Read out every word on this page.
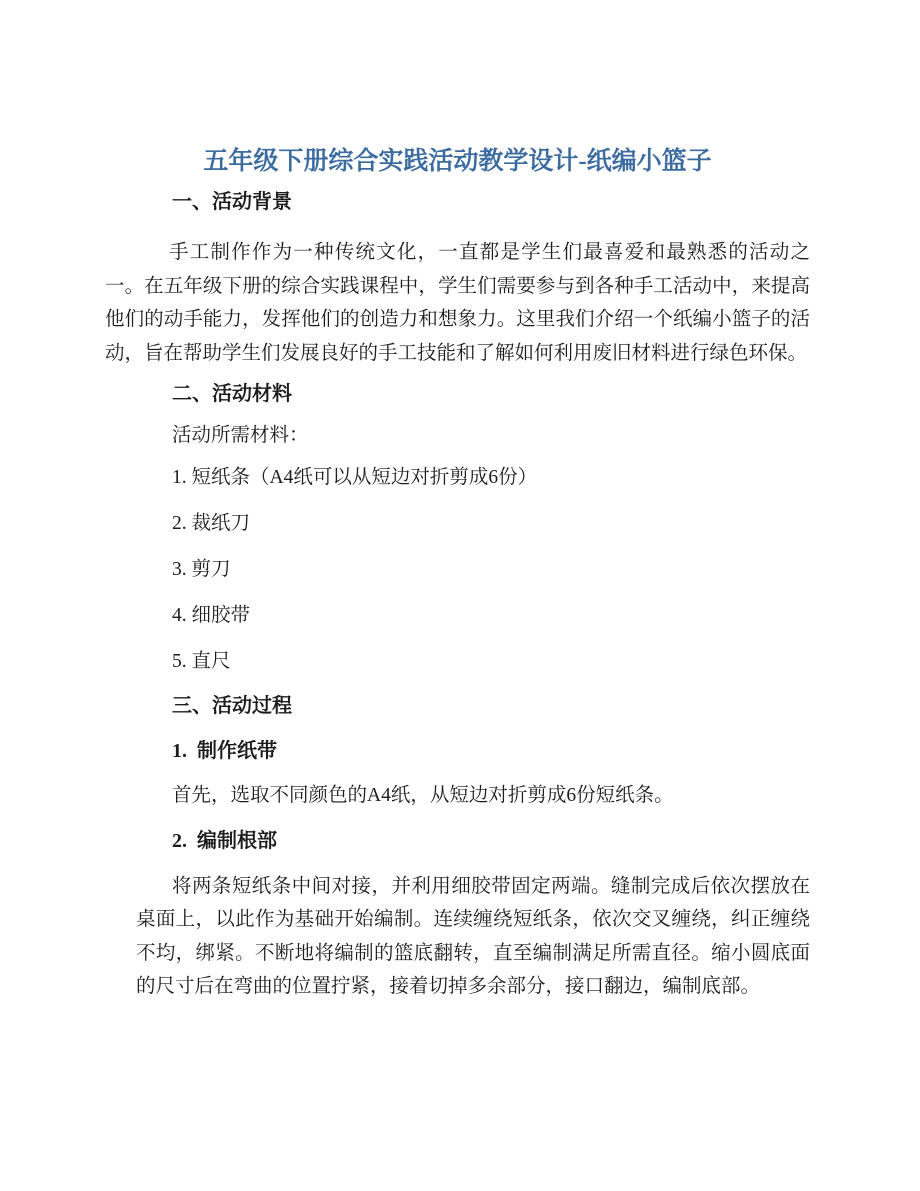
五年级下册综合实践活动教学设计-纸编小篮子
一、活动背景
手工制作作为一种传统文化，一直都是学生们最喜爱和最熟悉的活动之一。在五年级下册的综合实践课程中，学生们需要参与到各种手工活动中，来提高他们的动手能力，发挥他们的创造力和想象力。这里我们介绍一个纸编小篮子的活动，旨在帮助学生们发展良好的手工技能和了解如何利用废旧材料进行绿色环保。
二、活动材料
活动所需材料：
1. 短纸条（A4纸可以从短边对折剪成6份）
2. 裁纸刀
3. 剪刀
4. 细胶带
5. 直尺
三、活动过程
1.  制作纸带
首先，选取不同颜色的A4纸，从短边对折剪成6份短纸条。
2.  编制根部
将两条短纸条中间对接，并利用细胶带固定两端。缝制完成后依次摆放在桌面上，以此作为基础开始编制。连续缠绕短纸条，依次交叉缠绕，纠正缠绕不均，绑紧。不断地将编制的篮底翻转，直至编制满足所需直径。缩小圆底面的尺寸后在弯曲的位置拧紧，接着切掉多余部分，接口翻边，编制底部。
